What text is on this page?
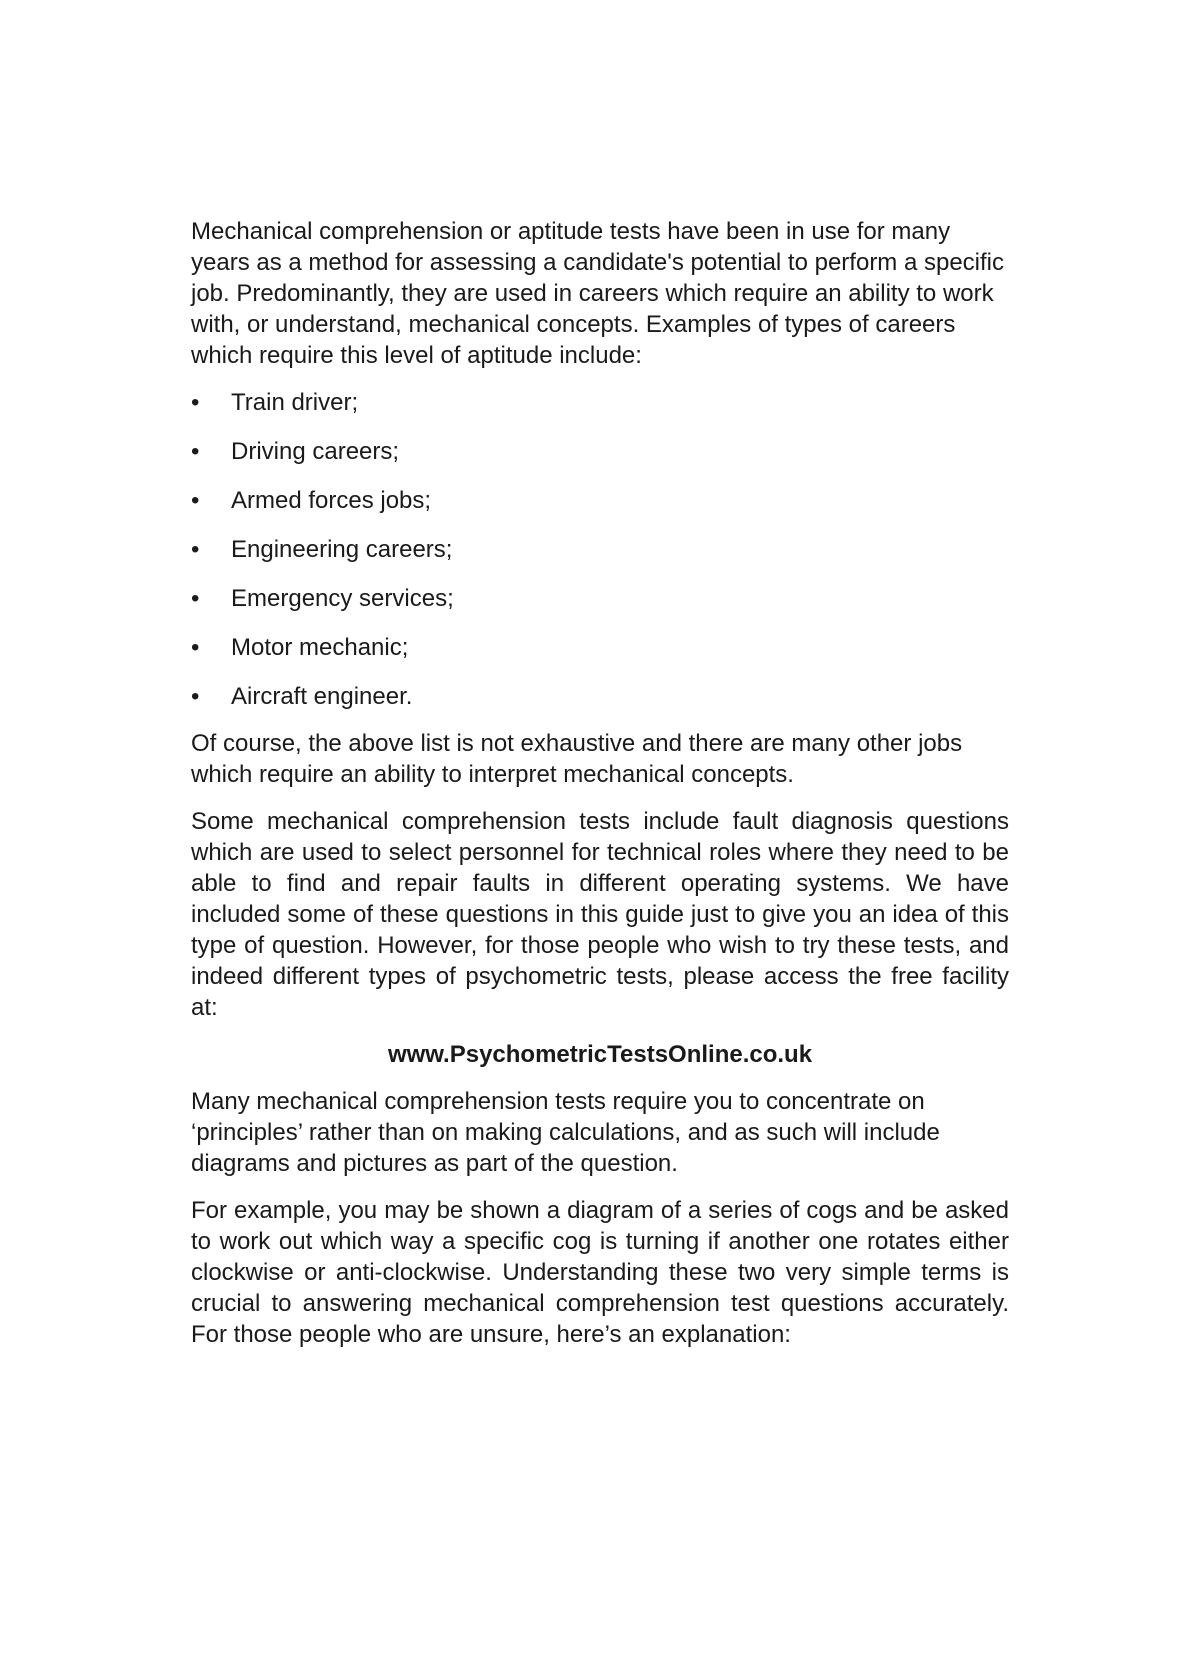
Mechanical comprehension or aptitude tests have been in use for many years as a method for assessing a candidate's potential to perform a specific job. Predominantly, they are used in careers which require an ability to work with, or understand, mechanical concepts. Examples of types of careers which require this level of aptitude include:

• Train driver;
• Driving careers;
• Armed forces jobs;
• Engineering careers;
• Emergency services;
• Motor mechanic;
• Aircraft engineer.

Of course, the above list is not exhaustive and there are many other jobs which require an ability to interpret mechanical concepts.

Some mechanical comprehension tests include fault diagnosis questions which are used to select personnel for technical roles where they need to be able to find and repair faults in different operating systems. We have included some of these questions in this guide just to give you an idea of this type of question. However, for those people who wish to try these tests, and indeed different types of psychometric tests, please access the free facility at:

www.PsychometricTestsOnline.co.uk

Many mechanical comprehension tests require you to concentrate on ‘principles’ rather than on making calculations, and as such will include diagrams and pictures as part of the question.

For example, you may be shown a diagram of a series of cogs and be asked to work out which way a specific cog is turning if another one rotates either clockwise or anti-clockwise. Understanding these two very simple terms is crucial to answering mechanical comprehension test questions accurately. For those people who are unsure, here’s an explanation:
